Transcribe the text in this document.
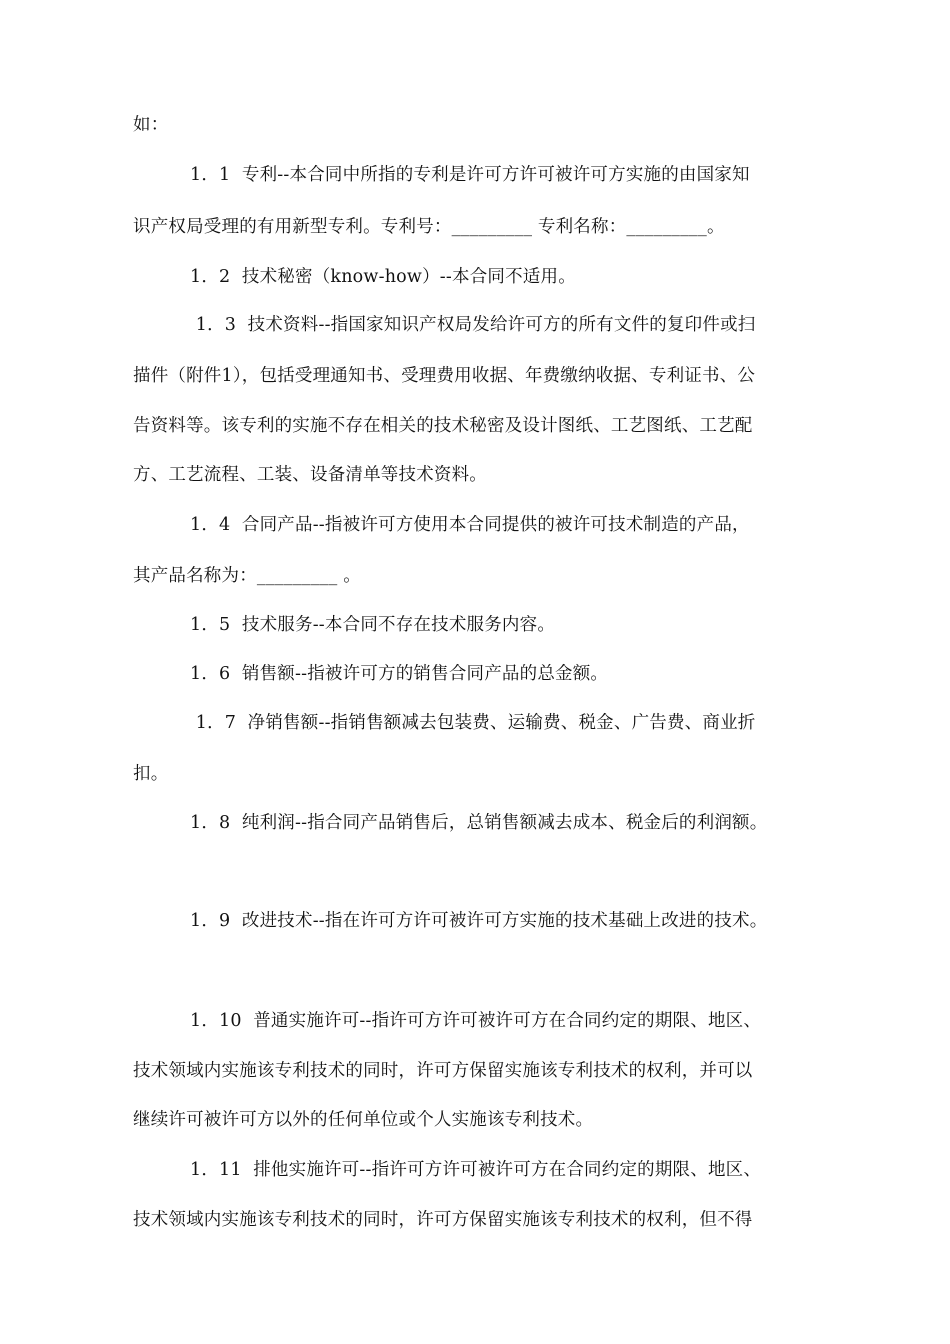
如：
1．1  专利--本合同中所指的专利是许可方许可被许可方实施的由国家知
识产权局受理的有用新型专利。专利号：_________ 专利名称：_________。
1．2  技术秘密（know-how）--本合同不适用。
1．3  技术资料--指国家知识产权局发给许可方的所有文件的复印件或扫
描件（附件1），包括受理通知书、受理费用收据、年费缴纳收据、专利证书、公
告资料等。该专利的实施不存在相关的技术秘密及设计图纸、工艺图纸、工艺配
方、工艺流程、工装、设备清单等技术资料。
1．4  合同产品--指被许可方使用本合同提供的被许可技术制造的产品，
其产品名称为：_________ 。
1．5  技术服务--本合同不存在技术服务内容。
1．6  销售额--指被许可方的销售合同产品的总金额。
1．7  净销售额--指销售额减去包装费、运输费、税金、广告费、商业折
扣。
1．8  纯利润--指合同产品销售后，总销售额减去成本、税金后的利润额。
1．9  改进技术--指在许可方许可被许可方实施的技术基础上改进的技术。
1．10  普通实施许可--指许可方许可被许可方在合同约定的期限、地区、
技术领域内实施该专利技术的同时，许可方保留实施该专利技术的权利，并可以
继续许可被许可方以外的任何单位或个人实施该专利技术。
1．11  排他实施许可--指许可方许可被许可方在合同约定的期限、地区、
技术领域内实施该专利技术的同时，许可方保留实施该专利技术的权利，但不得
